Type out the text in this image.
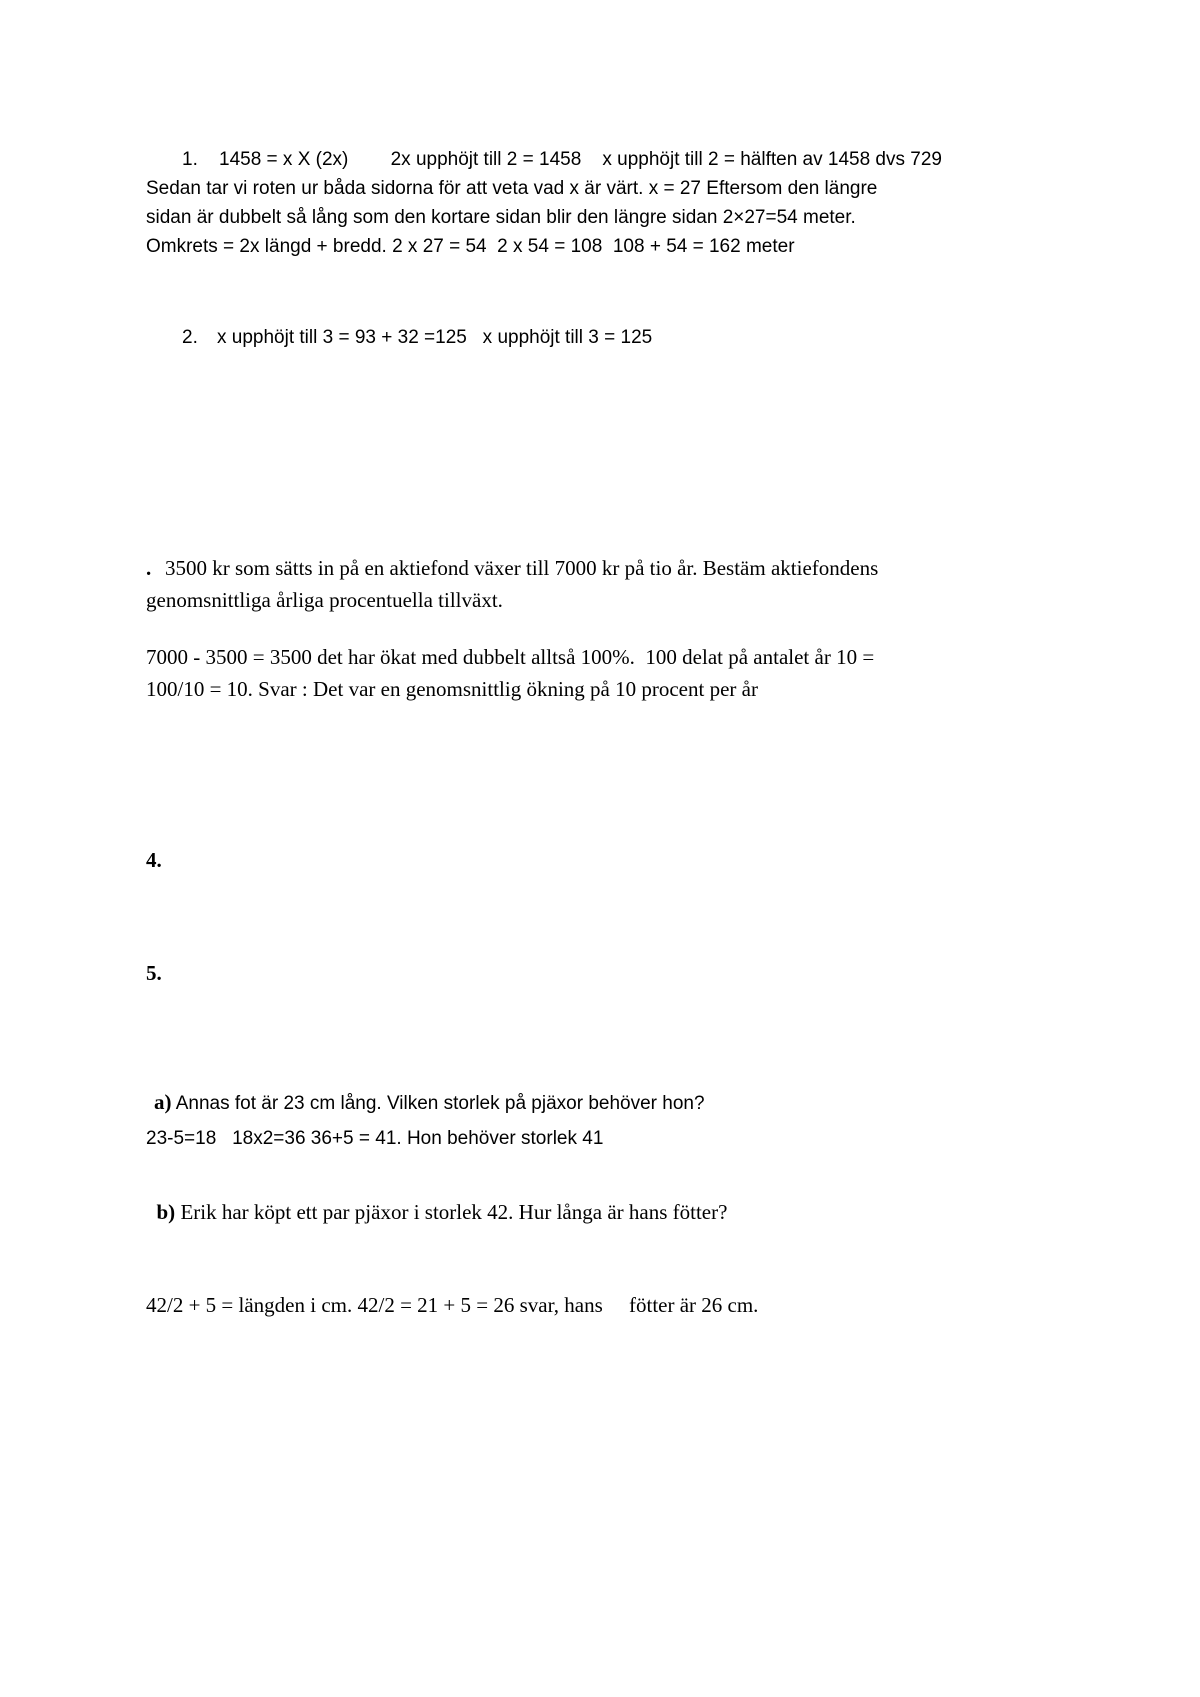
1. 1458 = x X (2x)        2x upphöjt till 2 = 1458    x upphöjt till 2 = hälften av 1458 dvs 729
Sedan tar vi roten ur båda sidorna för att veta vad x är värt. x = 27 Eftersom den längre
sidan är dubbelt så lång som den kortare sidan blir den längre sidan 2×27=54 meter.
Omkrets = 2x längd + bredd. 2 x 27 = 54  2 x 54 = 108  108 + 54 = 162 meter
2. x upphöjt till 3 = 93 + 32 =125   x upphöjt till 3 = 125
. 3500 kr som sätts in på en aktiefond växer till 7000 kr på tio år. Bestäm aktiefondens
genomsnittliga årliga procentuella tillväxt.
7000 - 3500 = 3500 det har ökat med dubbelt alltså 100%.  100 delat på antalet år 10 =
100/10 = 10. Svar : Det var en genomsnittlig ökning på 10 procent per år
4.
5.

a) Annas fot är 23 cm lång. Vilken storlek på pjäxor behöver hon?

23-5=18   18x2=36 36+5 = 41. Hon behöver storlek 41

b) Erik har köpt ett par pjäxor i storlek 42. Hur långa är hans fötter?

42/2 + 5 = längden i cm. 42/2 = 21 + 5 = 26 svar, hans     fötter är 26 cm.
